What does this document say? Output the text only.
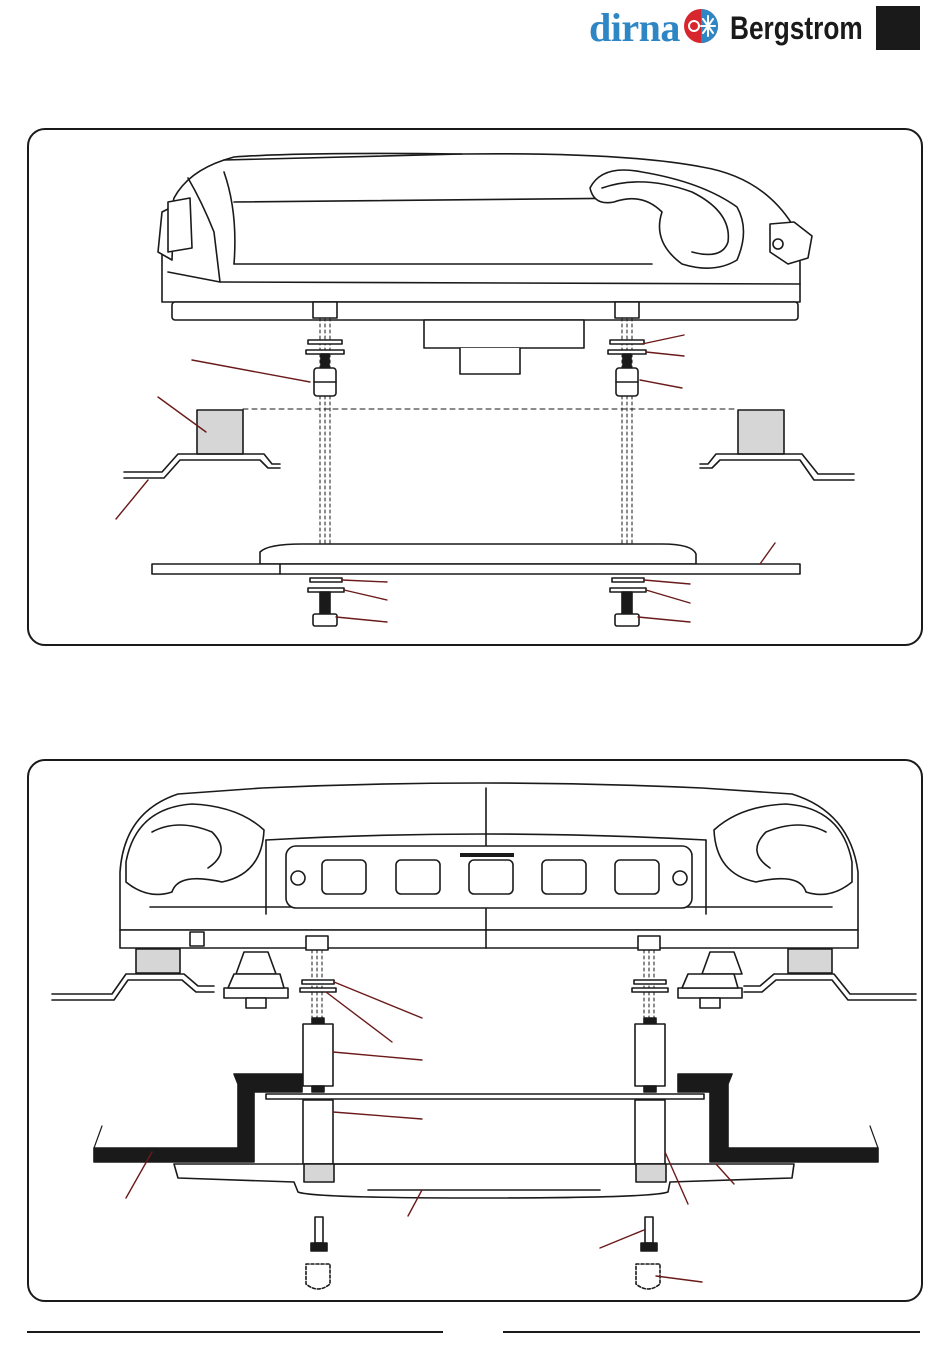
dirna Bergstrom
